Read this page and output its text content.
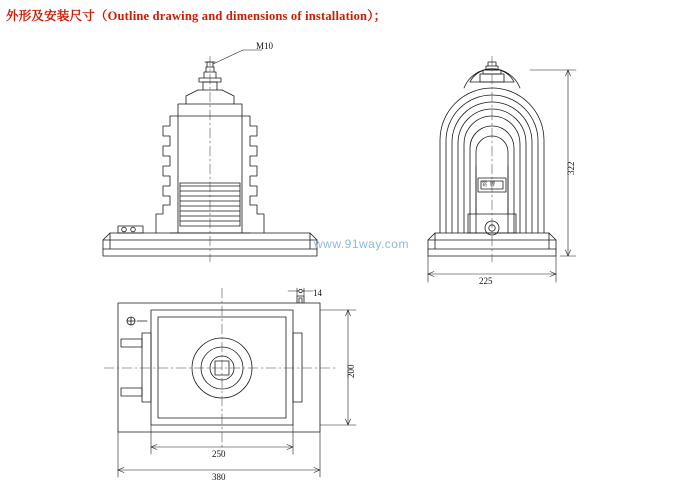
外形及安装尺寸（Outline drawing and dimensions of installation）；
M10
322
225
200
250
380
14
铭 牌
www.91way.com
